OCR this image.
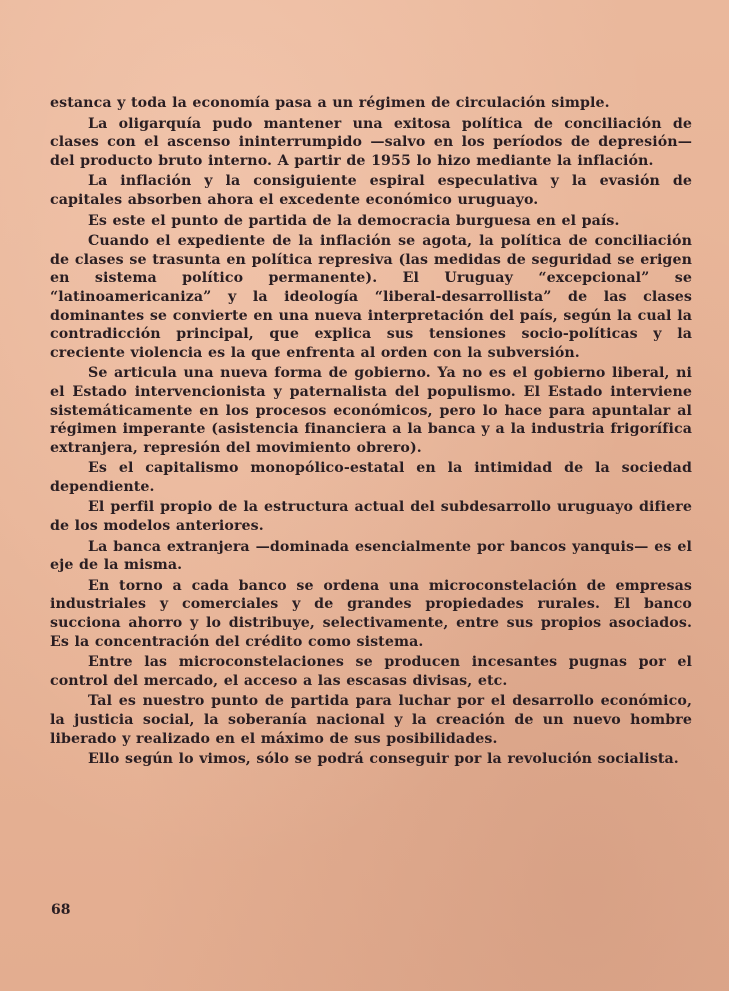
estanca y toda la economía pasa a un régimen de circulación simple.

La oligarquía pudo mantener una exitosa política de conciliación de clases con el ascenso ininterrumpido —salvo en los períodos de depresión— del producto bruto interno. A partir de 1955 lo hizo mediante la inflación.

La inflación y la consiguiente espiral especulativa y la evasión de capitales absorben ahora el excedente económico uruguayo.

Es este el punto de partida de la democracia burguesa en el país.

Cuando el expediente de la inflación se agota, la política de conciliación de clases se trasunta en política represiva (las medidas de seguridad se erigen en sistema político permanente). El Uruguay “excepcional” se “latinoamericaniza” y la ideología “liberal-desarrollista” de las clases dominantes se convierte en una nueva interpretación del país, según la cual la contradicción principal, que explica sus tensiones socio-políticas y la creciente violencia es la que enfrenta al orden con la subversión.

Se articula una nueva forma de gobierno. Ya no es el gobierno liberal, ni el Estado intervencionista y paternalista del populismo. El Estado interviene sistemáticamente en los procesos económicos, pero lo hace para apuntalar al régimen imperante (asistencia financiera a la banca y a la industria frigorífica extranjera, represión del movimiento obrero).

Es el capitalismo monopólico-estatal en la intimidad de la sociedad dependiente.

El perfil propio de la estructura actual del subdesarrollo uruguayo difiere de los modelos anteriores.

La banca extranjera —dominada esencialmente por bancos yanquis— es el eje de la misma.

En torno a cada banco se ordena una microconstelación de empresas industriales y comerciales y de grandes propiedades rurales. El banco succiona ahorro y lo distribuye, selectivamente, entre sus propios asociados. Es la concentración del crédito como sistema.

Entre las microconstelaciones se producen incesantes pugnas por el control del mercado, el acceso a las escasas divisas, etc.

Tal es nuestro punto de partida para luchar por el desarrollo económico, la justicia social, la soberanía nacional y la creación de un nuevo hombre liberado y realizado en el máximo de sus posibilidades.

Ello según lo vimos, sólo se podrá conseguir por la revolución socialista.

68
